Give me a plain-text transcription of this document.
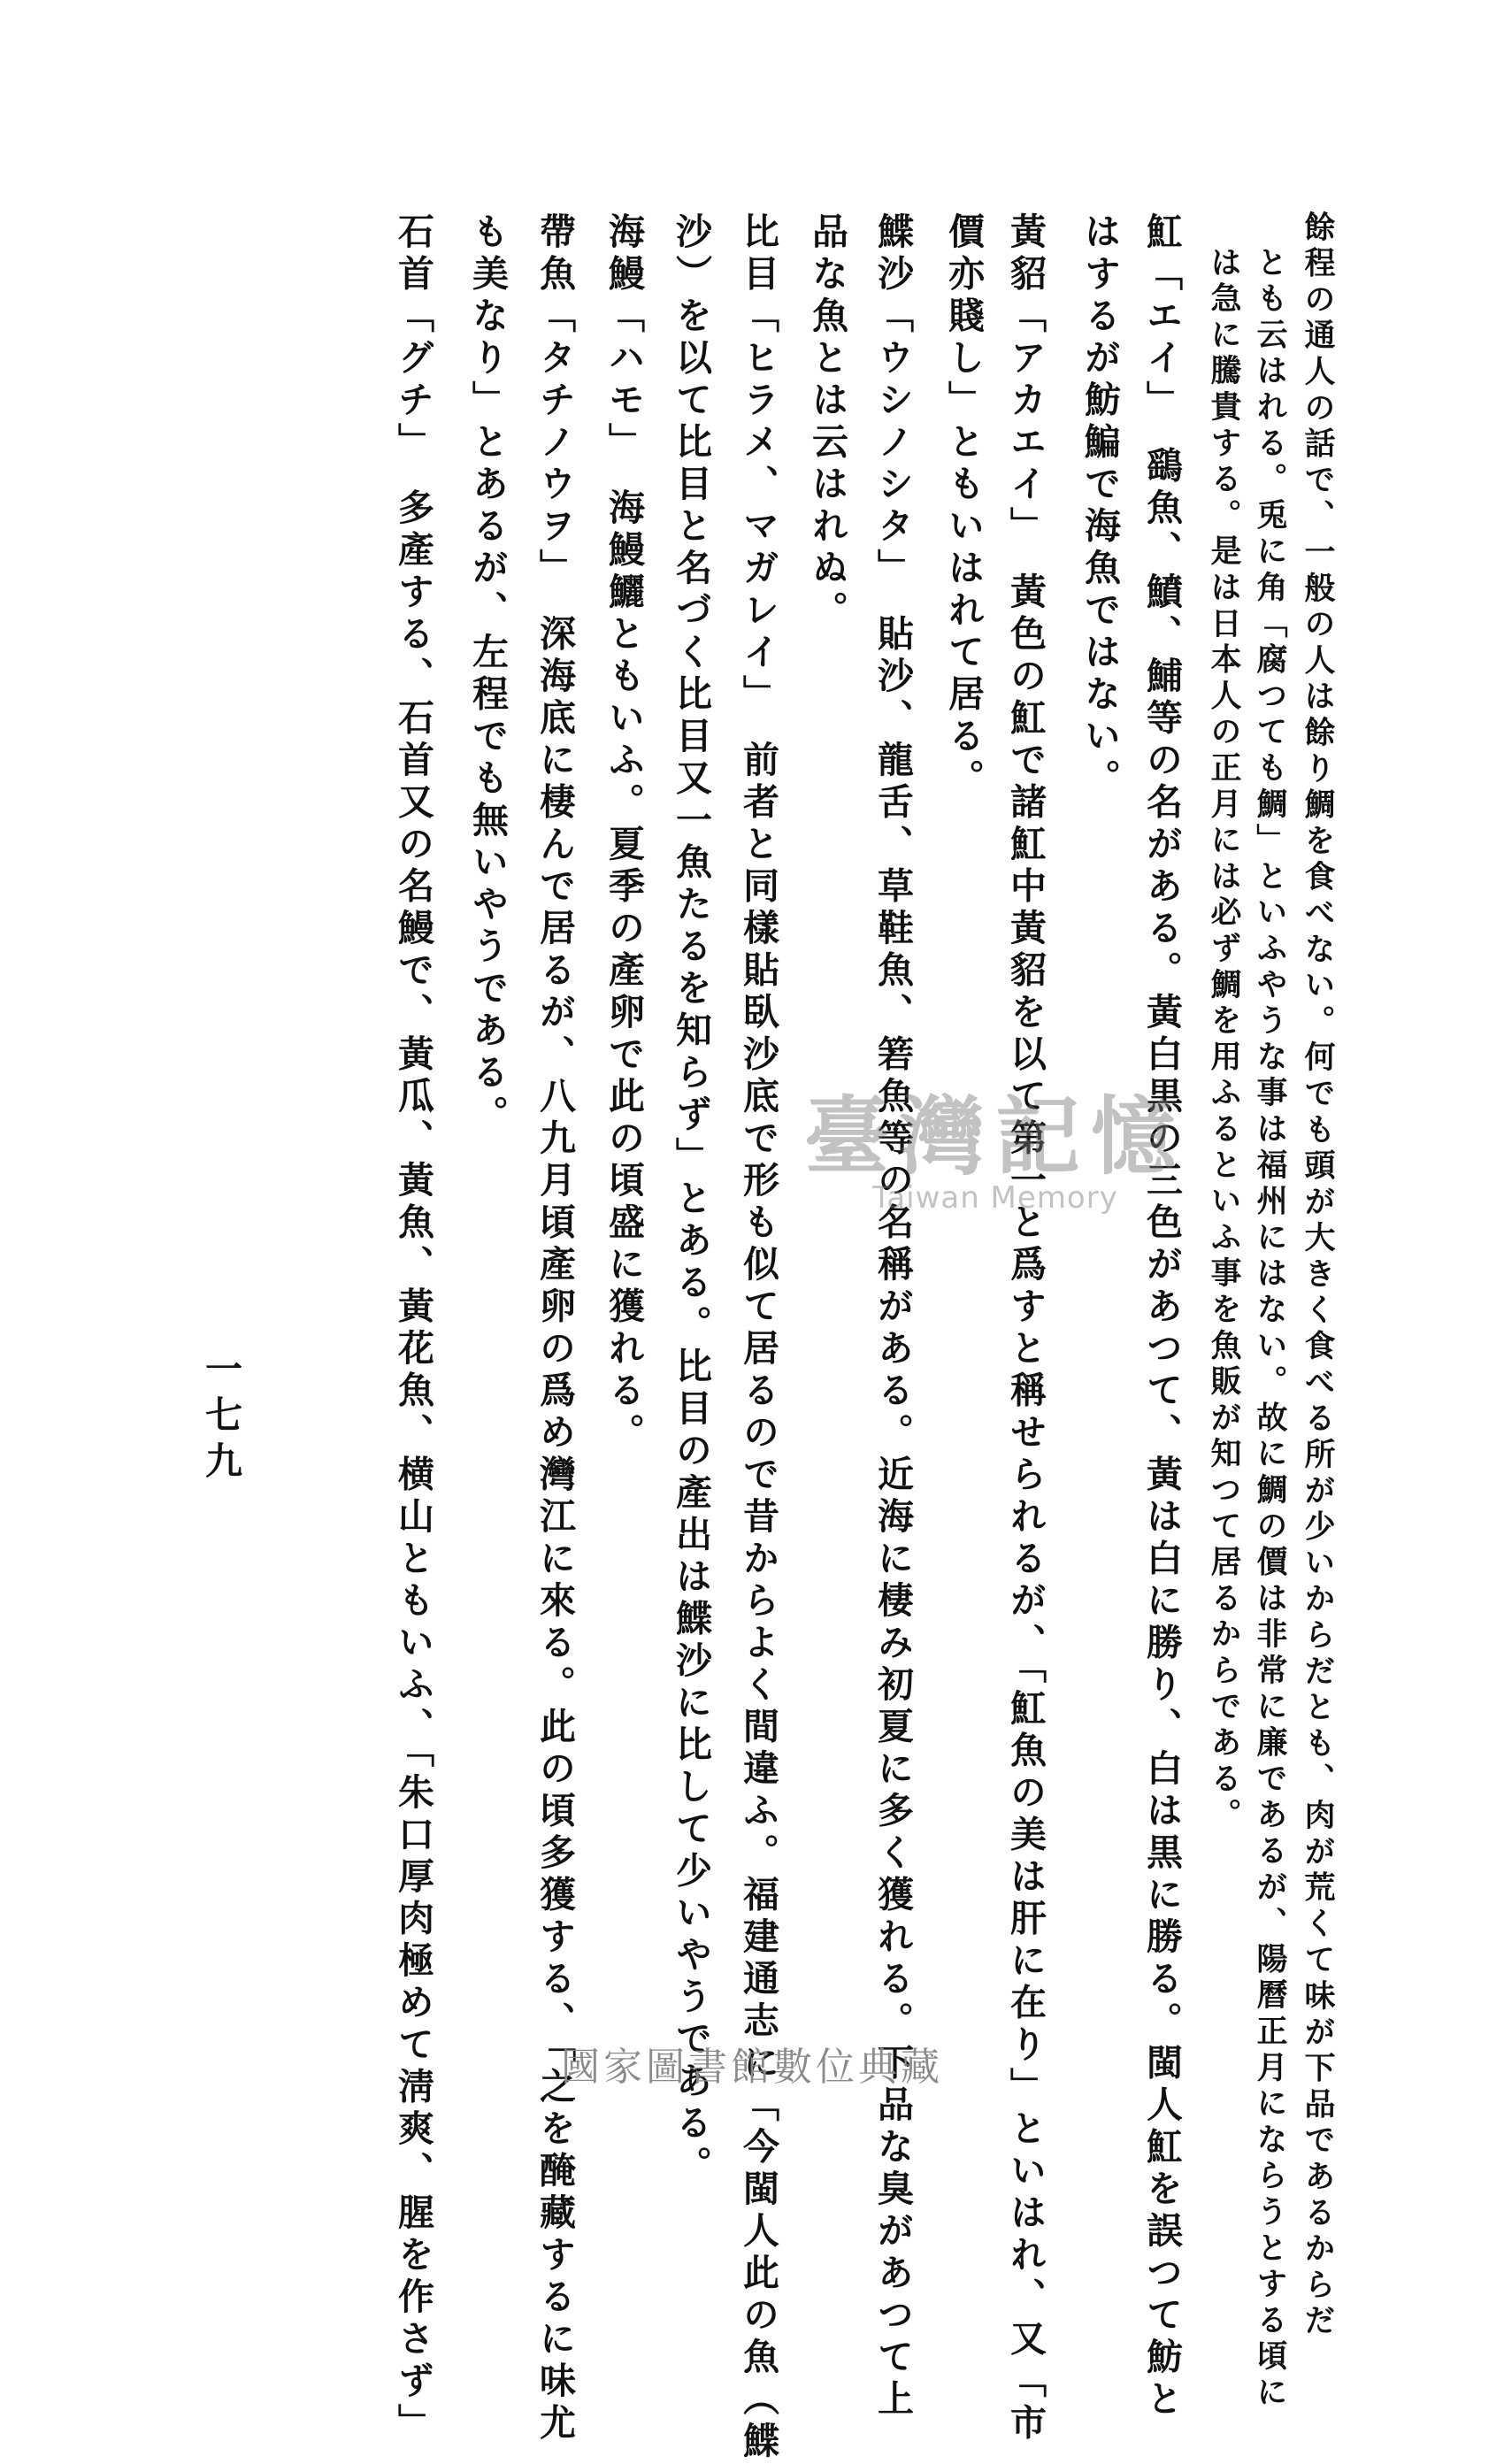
餘程の通人の話で、一般の人は餘り鯛を食べない。何でも頭が大きく食べる所が少いからだとも、肉が荒くて味が下品であるからだ
とも云はれる。兎に角「腐つても鯛」といふやうな事は福州にはない。故に鯛の價は非常に廉であるが、陽曆正月にならうとする頃に
は急に騰貴する。是は日本人の正月には必ず鯛を用ふるといふ事を魚販が知つて居るからである。
魟「エイ」　鷂魚、鱝、鯆等の名がある。黃白黒の三色があつて、黃は白に勝り、白は黒に勝る。閩人魟を誤つて魴と
はするが魴鯿で海魚ではない。
黃貂「アカエイ」　黃色の魟で諸魟中黃貂を以て第一と爲すと稱せられるが、「魟魚の美は肝に在り」といはれ、又「市
價亦賤し」ともいはれて居る。
鰈沙「ウシノシタ」　貼沙、龍舌、草鞋魚、箬魚等の名稱がある。近海に棲み初夏に多く獲れる。下品な臭があつて上
品な魚とは云はれぬ。
比目「ヒラメ、マガレイ」　前者と同樣貼臥沙底で形も似て居るので昔からよく間違ふ。福建通志に「今閩人此の魚（鰈
沙）を以て比目と名づく比目又一魚たるを知らず」とある。比目の產出は鰈沙に比して少いやうである。
海鰻「ハモ」　海鰻鱺ともいふ。夏季の產卵で此の頃盛に獲れる。
帶魚「タチノウヲ」　深海底に棲んで居るが、八九月頃產卵の爲め灣江に來る。此の頃多獲する、「之を醃藏するに味尤
も美なり」とあるが、左程でも無いやうである。
石首「グチ」　多產する、石首又の名鰻で、黃瓜、黃魚、黃花魚、横山ともいふ、「朱口厚肉極めて淸爽、腥を作さず」
一七九
臺灣記憶
Taiwan Memory
國家圖書館數位典藏
